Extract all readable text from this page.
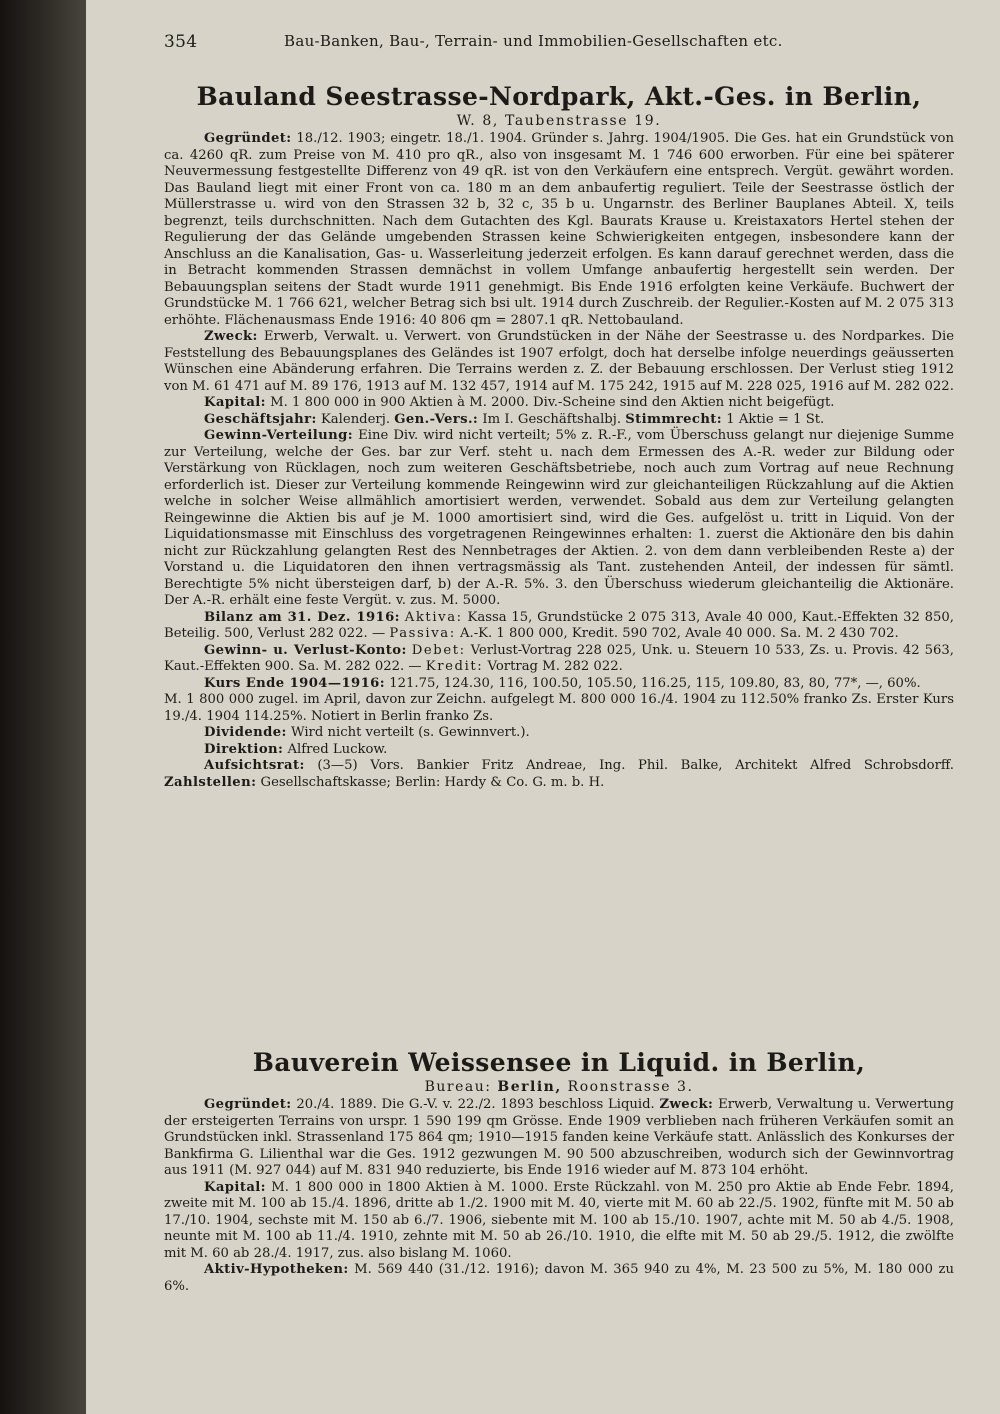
354	Bau-Banken, Bau-, Terrain- und Immobilien-Gesellschaften etc.
Bauland Seestrasse-Nordpark, Akt.-Ges. in Berlin,
W. 8, Taubenstrasse 19.

Gegründet: 18./12. 1903; eingetr. 18./1. 1904. Gründer s. Jahrg. 1904/1905. Die Ges. hat ein Grundstück von ca. 4260 qR. zum Preise von M. 410 pro qR., also von insgesamt M. 1 746 600 erworben. Für eine bei späterer Neuvermessung festgestellte Differenz von 49 qR. ist von den Verkäufern eine entsprech. Vergüt. gewährt worden. Das Bauland liegt mit einer Front von ca. 180 m an dem anbaufertig reguliert. Teile der Seestrasse östlich der Müllerstrasse u. wird von den Strassen 32 b, 32 c, 35 b u. Ungarnstr. des Berliner Bauplanes Abteil. X, teils begrenzt, teils durchschnitten. Nach dem Gutachten des Kgl. Baurats Krause u. Kreistaxators Hertel stehen der Regulierung der das Gelände umgebenden Strassen keine Schwierigkeiten entgegen, insbesondere kann der Anschluss an die Kanalisation, Gas- u. Wasserleitung jederzeit erfolgen. Es kann darauf gerechnet werden, dass die in Betracht kommenden Strassen demnächst in vollem Umfange anbaufertig hergestellt sein werden. Der Bebauungsplan seitens der Stadt wurde 1911 genehmigt. Bis Ende 1916 erfolgten keine Verkäufe. Buchwert der Grundstücke M. 1 766 621, welcher Betrag sich bsi ult. 1914 durch Zuschreib. der Regulier.-Kosten auf M. 2 075 313 erhöhte. Flächenausmass Ende 1916: 40 806 qm = 2807.1 qR. Nettobauland.

Zweck: Erwerb, Verwalt. u. Verwert. von Grundstücken in der Nähe der Seestrasse u. des Nordparkes. Die Feststellung des Bebauungsplanes des Geländes ist 1907 erfolgt, doch hat derselbe infolge neuerdings geäusserten Wünschen eine Abänderung erfahren. Die Terrains werden z. Z. der Bebauung erschlossen. Der Verlust stieg 1912 von M. 61 471 auf M. 89 176, 1913 auf M. 132 457, 1914 auf M. 175 242, 1915 auf M. 228 025, 1916 auf M. 282 022.

Kapital: M. 1 800 000 in 900 Aktien à M. 2000. Div.-Scheine sind den Aktien nicht beigefügt.

Geschäftsjahr: Kalenderj. Gen.-Vers.: Im I. Geschäftshalbj. Stimmrecht: 1 Aktie = 1 St.

Gewinn-Verteilung: Eine Div. wird nicht verteilt; 5% z. R.-F., vom Überschuss gelangt nur diejenige Summe zur Verteilung, welche der Ges. bar zur Verf. steht u. nach dem Ermessen des A.-R. weder zur Bildung oder Verstärkung von Rücklagen, noch zum weiteren Geschäftsbetriebe, noch auch zum Vortrag auf neue Rechnung erforderlich ist. Dieser zur Verteilung kommende Reingewinn wird zur gleichanteiligen Rückzahlung auf die Aktien welche in solcher Weise allmählich amortisiert werden, verwendet. Sobald aus dem zur Verteilung gelangten Reingewinne die Aktien bis auf je M. 1000 amortisiert sind, wird die Ges. aufgelöst u. tritt in Liquid. Von der Liquidationsmasse mit Einschluss des vorgetragenen Reingewinnes erhalten: 1. zuerst die Aktionäre den bis dahin nicht zur Rückzahlung gelangten Rest des Nennbetrages der Aktien. 2. von dem dann verbleibenden Reste a) der Vorstand u. die Liquidatoren den ihnen vertragsmässig als Tant. zustehenden Anteil, der indessen für sämtl. Berechtigte 5% nicht übersteigen darf, b) der A.-R. 5%. 3. den Überschuss wiederum gleichanteilig die Aktionäre. Der A.-R. erhält eine feste Vergüt. v. zus. M. 5000.

Bilanz am 31. Dez. 1916: Aktiva: Kassa 15, Grundstücke 2 075 313, Avale 40 000, Kaut.-Effekten 32 850, Beteilig. 500, Verlust 282 022. — Passiva: A.-K. 1 800 000, Kredit. 590 702, Avale 40 000. Sa. M. 2 430 702.

Gewinn- u. Verlust-Konto: Debet: Verlust-Vortrag 228 025, Unk. u. Steuern 10 533, Zs. u. Provis. 42 563, Kaut.-Effekten 900. Sa. M. 282 022. — Kredit: Vortrag M. 282 022.

Kurs Ende 1904—1916: 121.75, 124.30, 116, 100.50, 105.50, 116.25, 115, 109.80, 83, 80, 77*, —, 60%.

M. 1 800 000 zugel. im April, davon zur Zeichn. aufgelegt M. 800 000 16./4. 1904 zu 112.50% franko Zs. Erster Kurs 19./4. 1904 114.25%. Notiert in Berlin franko Zs.

Dividende: Wird nicht verteilt (s. Gewinnvert.).

Direktion: Alfred Luckow.

Aufsichtsrat: (3—5) Vors. Bankier Fritz Andreae, Ing. Phil. Balke, Architekt Alfred Schrobsdorff. Zahlstellen: Gesellschaftskasse; Berlin: Hardy & Co. G. m. b. H.

Bauverein Weissensee in Liquid. in Berlin,
Bureau: Berlin, Roonstrasse 3.

Gegründet: 20./4. 1889. Die G.-V. v. 22./2. 1893 beschloss Liquid. Zweck: Erwerb, Verwaltung u. Verwertung der ersteigerten Terrains von urspr. 1 590 199 qm Grösse. Ende 1909 verblieben nach früheren Verkäufen somit an Grundstücken inkl. Strassenland 175 864 qm; 1910—1915 fanden keine Verkäufe statt. Anlässlich des Konkurses der Bankfirma G. Lilienthal war die Ges. 1912 gezwungen M. 90 500 abzuschreiben, wodurch sich der Gewinnvortrag aus 1911 (M. 927 044) auf M. 831 940 reduzierte, bis Ende 1916 wieder auf M. 873 104 erhöht.

Kapital: M. 1 800 000 in 1800 Aktien à M. 1000. Erste Rückzahl. von M. 250 pro Aktie ab Ende Febr. 1894, zweite mit M. 100 ab 15./4. 1896, dritte ab 1./2. 1900 mit M. 40, vierte mit M. 60 ab 22./5. 1902, fünfte mit M. 50 ab 17./10. 1904, sechste mit M. 150 ab 6./7. 1906, siebente mit M. 100 ab 15./10. 1907, achte mit M. 50 ab 4./5. 1908, neunte mit M. 100 ab 11./4. 1910, zehnte mit M. 50 ab 26./10. 1910, die elfte mit M. 50 ab 29./5. 1912, die zwölfte mit M. 60 ab 28./4. 1917, zus. also bislang M. 1060.

Aktiv-Hypotheken: M. 569 440 (31./12. 1916); davon M. 365 940 zu 4%, M. 23 500 zu 5%, M. 180 000 zu 6%.
